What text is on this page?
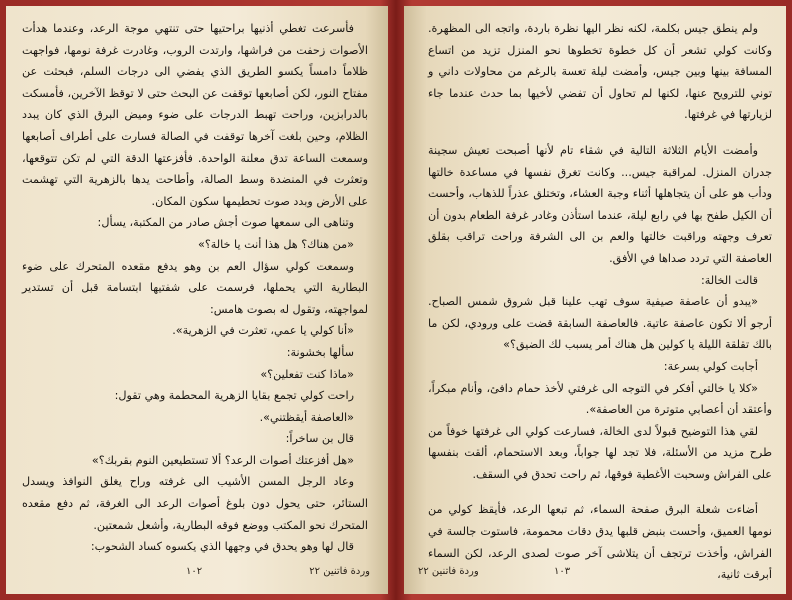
فأسرعت تغطي أذنيها براحتيها حتى تنتهي موجة الرعد، وعندما هدأت الأصوات زحفت من فراشها، وارتدت الروب، وغادرت غرفة نومها، فواجهت ظلاماً دامساً يكسو الطريق الذي يفضي الى درجات السلم، فبحثت عن مفتاح النور، لكن أصابعها توقفت عن البحث حتى لا توقظ الآخرين، فأمسكت بالدرابزين، وراحت تهبط الدرجات على ضوء وميض البرق الذي كان يبدد الظلام، وحين بلغت آخرها توقفت في الصالة فسارت على أطراف أصابعها وسمعت الساعة تدق معلنة الواحدة. فأفزعتها الدقة التي لم تكن تتوقعها، وتعثرت في المنضدة وسط الصالة، وأطاحت يدها بالزهرية التي تهشمت على الأرض وبدد صوت تحطيمها سكون المكان.

وتناهى الى سمعها صوت أجش صادر من المكتبة، يسأل:

«من هناك؟ هل هذا أنت يا خالة؟»

وسمعت كولي سؤال العم بن وهو يدفع مقعده المتحرك على ضوء البطارية التي يحملها، فرسمت على شفتيها ابتسامة قبل أن تستدير لمواجهته، وتقول له بصوت هامس:

«أنا كولي يا عمي، تعثرت في الزهرية».

سألها بخشونة:

«ماذا كنت تفعلين؟»

راحت كولي تجمع بقايا الزهرية المحطمة وهي تقول:

«العاصفة أيقظتني».

قال بن ساخراً:

«هل أفزعتك أصوات الرعد؟ ألا تستطيعين النوم بقربك؟»

وعاد الرجل المسن الأشيب الى غرفته وراح يغلق النوافذ ويسدل الستائر، حتى يحول دون بلوغ أصوات الرعد الى الغرفة، ثم دفع مقعده المتحرك نحو المكتب ووضع فوقه البطارية، وأشعل شمعتين.

قال لها وهو يحدق في وجهها الذي يكسوه كساد الشحوب:

١٠٢	وردة فاتنين ٢٢

ولم ينطق جيس بكلمة، لكنه نظر اليها نظرة باردة، واتجه الى المظهرة. وكانت كولي تشعر أن كل خطوة تخطوها نحو المنزل تزيد من اتساع المسافة بينها وبين جيس، وأمضت ليلة تعسة بالرغم من محاولات داني و توني للترويح عنها، لكنها لم تحاول أن تفضي لأخيها بما حدث عندما جاء لزيارتها في غرفتها.

وأمضت الأيام الثلاثة التالية في شقاء تام لأنها أصبحت تعيش سجينة جدران المنزل. لمراقبة جيس... وكانت تغرق نفسها في مساعدة خالتها ودأب هو على أن يتجاهلها أثناء وجبة العشاء، وتختلق عذراً للذهاب، وأحست أن الكيل طفح بها في رابع ليلة، عندما استأذن وغادر غرفة الطعام بدون أن تعرف وجهته وراقبت خالتها والعم بن الى الشرفة وراحت تراقب بقلق العاصفة التي تردد صداها في الأفق.

قالت الخالة:

«يبدو أن عاصفة صيفية سوف تهب علينا قبل شروق شمس الصباح. أرجو ألا تكون عاصفة عاتية. فالعاصفة السابقة قضت على ورودي، لكن ما بالك تقلقة الليلة يا كولين هل هناك أمر يسبب لك الضيق؟»

أجابت كولي بسرعة:

«كلا يا خالتي أفكر في التوجه الى غرفتي لأخذ حمام دافئ، وأنام مبكراً، وأعتقد أن أعصابي متوترة من العاصفة».

لقي هذا التوضيح قبولاً لدى الخالة، فسارعت كولي الى غرفتها خوفاً من طرح مزيد من الأسئلة، فلا تجد لها جواباً، وبعد الاستحمام، ألقت بنفسها على الفراش وسحبت الأغطية فوقها، ثم راحت تحدق في السقف.

أضاءت شعلة البرق صفحة السماء، ثم تبعها الرعد، فأيقظ كولي من نومها العميق، وأحست بنبض قلبها يدق دقات محمومة، فاستوت جالسة في الفراش، وأخذت ترتجف أن يتلاشى آخر صوت لصدى الرعد، لكن السماء أبرقت ثانية،

١٠٣
وردة فاتنين ٢٢
